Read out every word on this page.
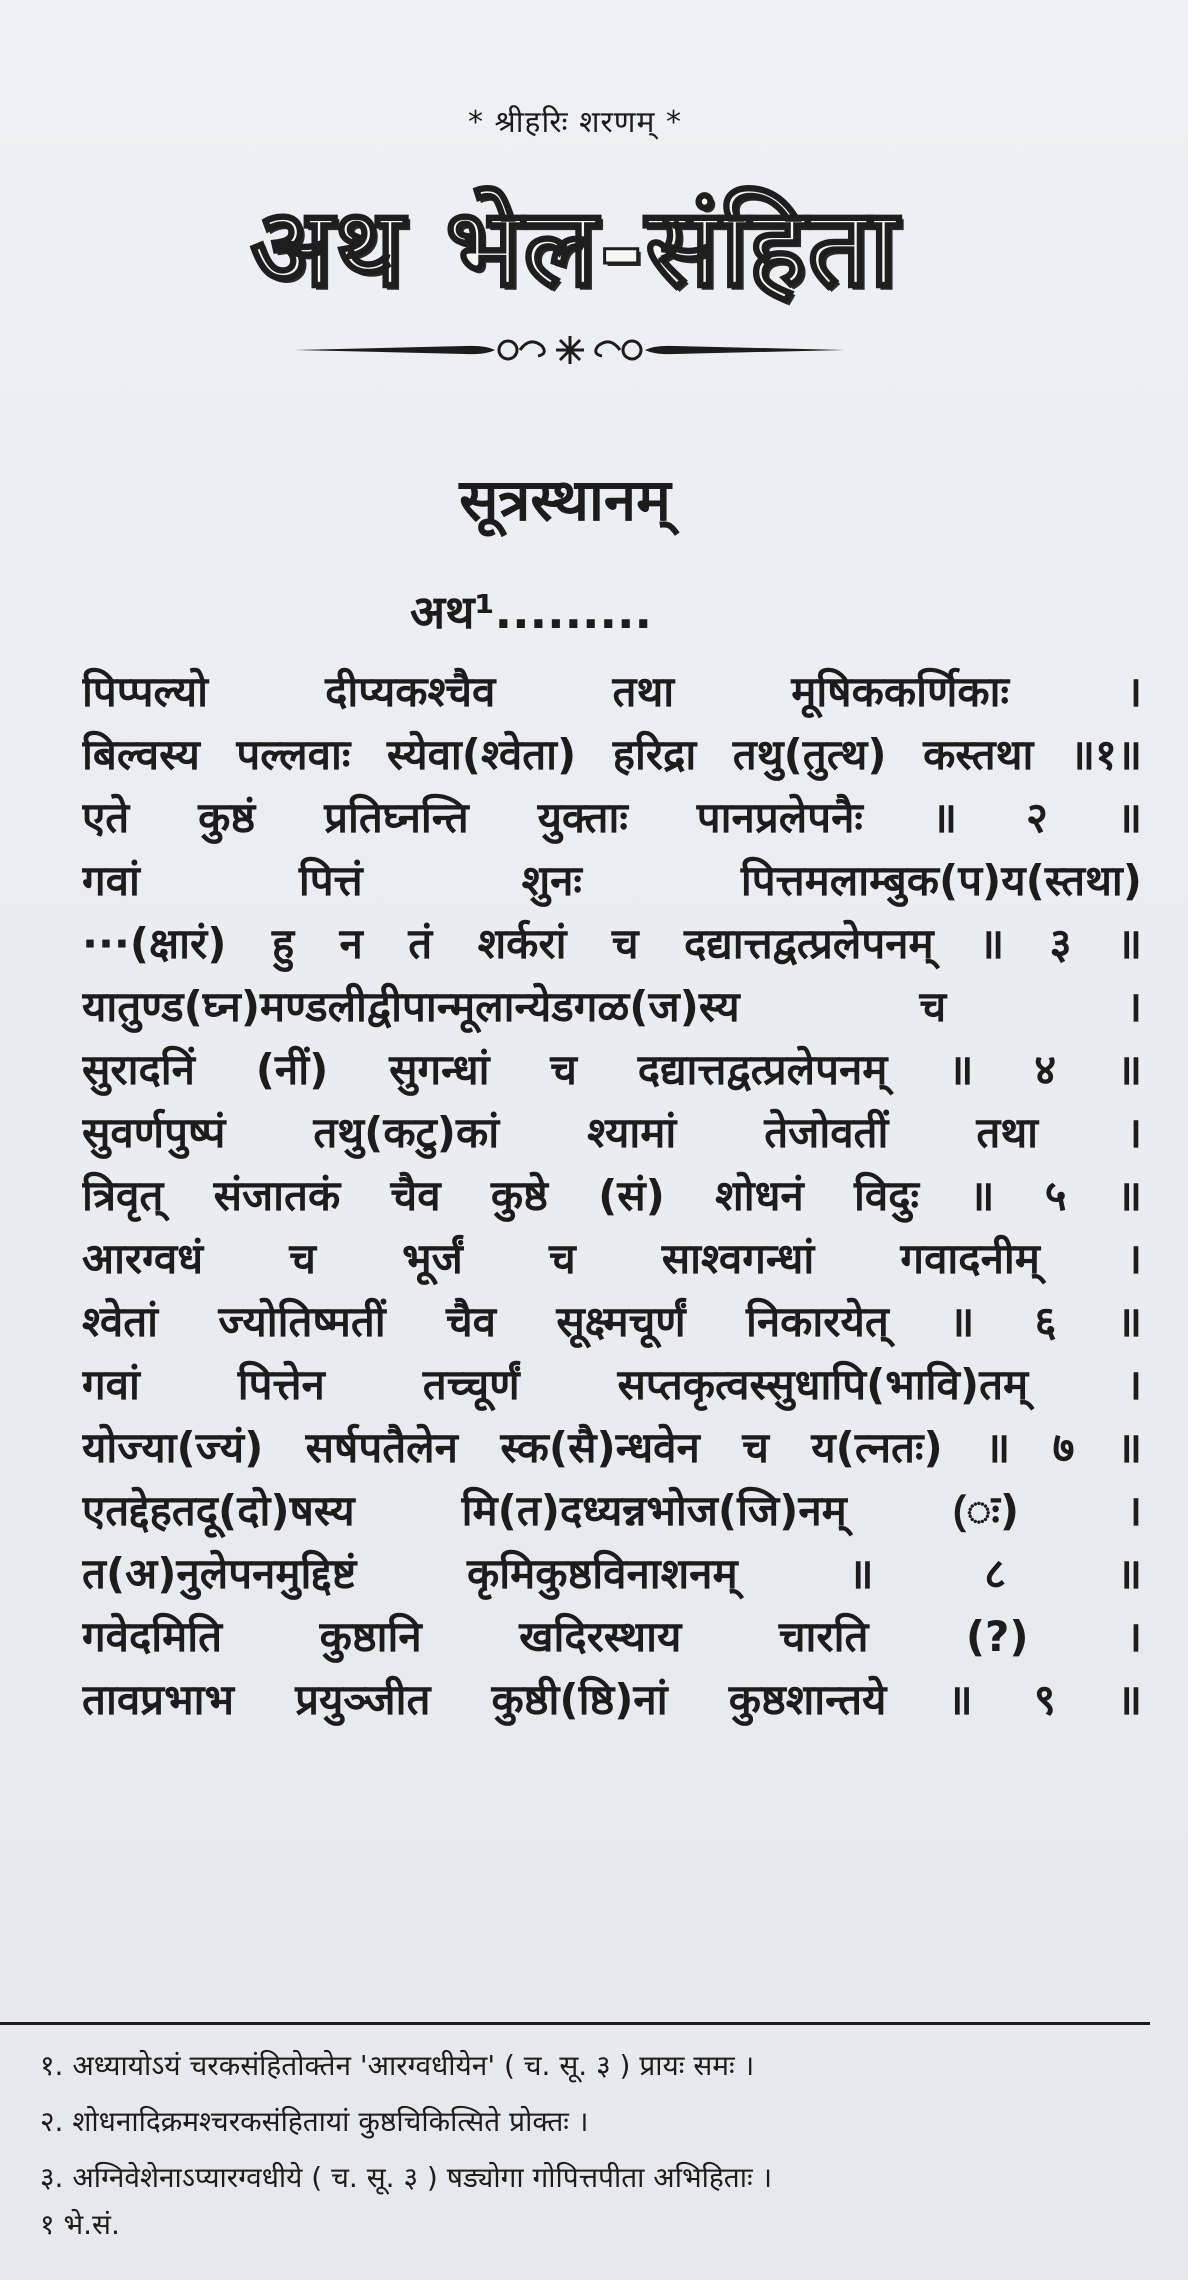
* श्रीहरिः शरणम् *
अथ भेल-संहिता
सूत्रस्थानम्
अथ¹.........
पिप्पल्यो दीप्यकश्चैव तथा मूषिककर्णिकाः ।
बिल्वस्य पल्लवाः स्येवा(श्वेता) हरिद्रा तथु(तुत्थ) कस्तथा ॥१॥
एते कुष्ठं प्रतिघ्नन्ति युक्ताः पानप्रलेपनैः ॥ २ ॥
गवां पित्तं शुनः पित्तमलाम्बुक(प)य(स्तथा)
···(क्षारं) हु न तं शर्करां च दद्यात्तद्वत्प्रलेपनम् ॥ ३ ॥
यातुण्ड(घ्न)मण्डलीद्वीपान्मूलान्येडगळ(ज)स्य च ।
सुरादनिं (नीं) सुगन्धां च दद्यात्तद्वत्प्रलेपनम् ॥ ४ ॥
सुवर्णपुष्पं तथु(कटु)कां श्यामां तेजोवतीं तथा ।
त्रिवृत् संजातकं चैव कुष्ठे (सं) शोधनं विदुः ॥ ५ ॥
आरग्वधं च भूर्जं च साश्वगन्धां गवादनीम् ।
श्वेतां ज्योतिष्मतीं चैव सूक्ष्मचूर्णं निकारयेत् ॥ ६ ॥
गवां पित्तेन तच्चूर्णं सप्तकृत्वस्सुधापि(भावि)तम् ।
योज्या(ज्यं) सर्षपतैलेन स्क(सै)न्धवेन च य(त्नतः) ॥ ७ ॥
एतद्देहतदू(दो)षस्य मि(त)दध्यन्नभोज(जि)नम् (ः) ।
त(अ)नुलेपनमुद्दिष्टं कृमिकुष्ठविनाशनम् ॥ ८ ॥
गवेदमिति कुष्ठानि खदिरस्थाय चारति (?) ।
तावप्रभाभ प्रयुञ्जीत कुष्ठी(ष्ठि)नां कुष्ठशान्तये ॥ ९ ॥
१. अध्यायोऽयं चरकसंहितोक्तेन 'आरग्वधीयेन' ( च. सू. ३ ) प्रायः समः ।
२. शोधनादिक्रमश्चरकसंहितायां कुष्ठचिकित्सिते प्रोक्तः ।
३. अग्निवेशेनाऽप्यारग्वधीये ( च. सू. ३ ) षड्योगा गोपित्तपीता अभिहिताः ।
१ भे.सं.
